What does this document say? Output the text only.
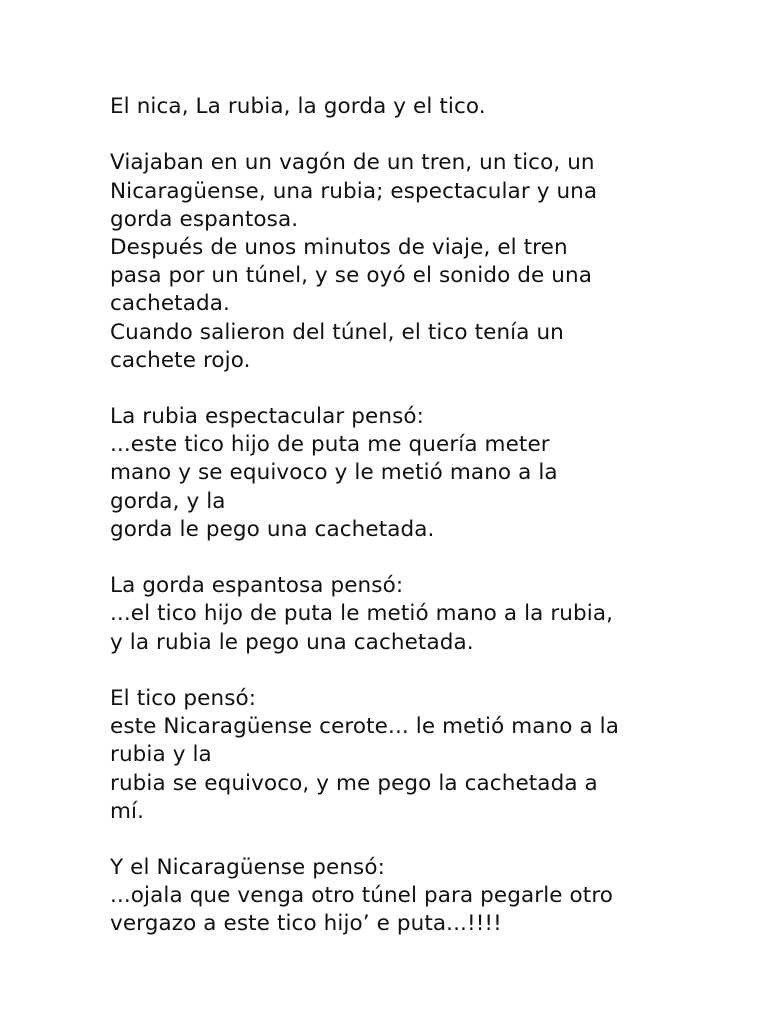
El nica, La rubia, la gorda y el tico.
Viajaban en un vagón de un tren, un tico, un
Nicaragüense, una rubia; espectacular y una
gorda espantosa.
Después de unos minutos de viaje, el tren
pasa por un túnel, y se oyó el sonido de una
cachetada.
Cuando salieron del túnel, el tico tenía un
cachete rojo.
La rubia espectacular pensó:
...este tico hijo de puta me quería meter
mano y se equivoco y le metió mano a la
gorda, y la
gorda le pego una cachetada.
La gorda espantosa pensó:
...el tico hijo de puta le metió mano a la rubia,
y la rubia le pego una cachetada.
El tico pensó:
este Nicaragüense cerote... le metió mano a la
rubia y la
rubia se equivoco, y me pego la cachetada a
mí.
Y el Nicaragüense pensó:
...ojala que venga otro túnel para pegarle otro
vergazo a este tico hijo’ e puta...!!!!
